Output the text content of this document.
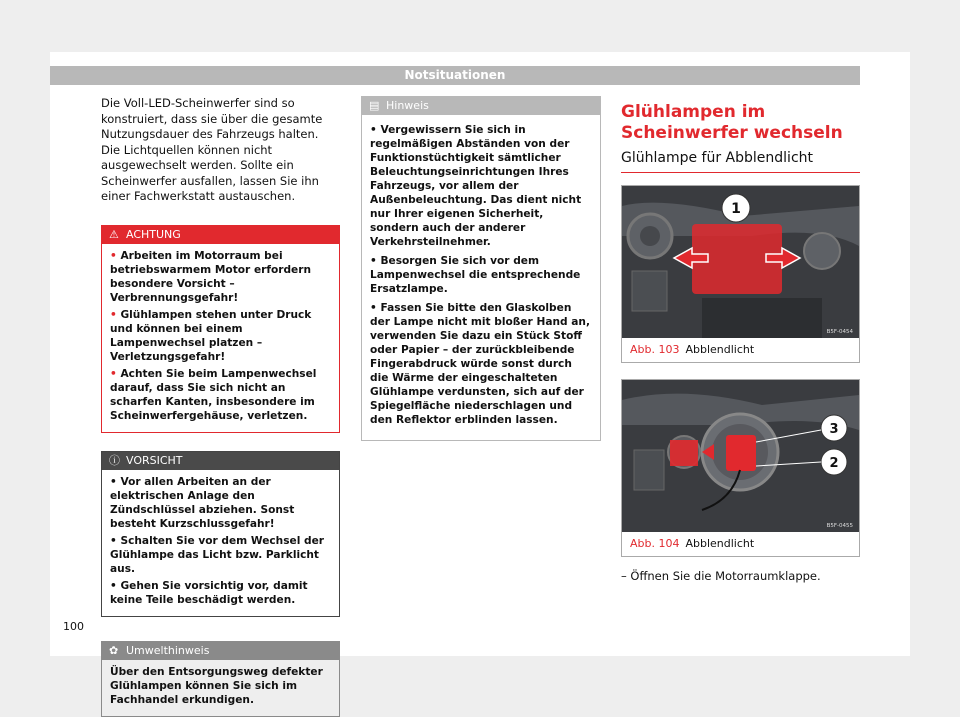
Notsituationen

Die Voll-LED-Scheinwerfer sind so konstruiert, dass sie über die gesamte Nutzungsdauer des Fahrzeugs halten. Die Lichtquellen können nicht ausgewechselt werden. Sollte ein Scheinwerfer ausfallen, lassen Sie ihn einer Fachwerkstatt austauschen.

⚠ ACHTUNG

• Arbeiten im Motorraum bei betriebswarmem Motor erfordern besondere Vorsicht – Verbrennungsgefahr!

• Glühlampen stehen unter Druck und können bei einem Lampenwechsel platzen – Verletzungsgefahr!

• Achten Sie beim Lampenwechsel darauf, dass Sie sich nicht an scharfen Kanten, insbesondere im Scheinwerfergehäuse, verletzen.

ⓘ VORSICHT

• Vor allen Arbeiten an der elektrischen Anlage den Zündschlüssel abziehen. Sonst besteht Kurzschlussgefahr!

• Schalten Sie vor dem Wechsel der Glühlampe das Licht bzw. Parklicht aus.

• Gehen Sie vorsichtig vor, damit keine Teile beschädigt werden.

✿ Umwelthinweis

Über den Entsorgungsweg defekter Glühlampen können Sie sich im Fachhandel erkundigen.

▤ Hinweis

• Vergewissern Sie sich in regelmäßigen Abständen von der Funktionstüchtigkeit sämtlicher Beleuchtungseinrichtungen Ihres Fahrzeugs, vor allem der Außenbeleuchtung. Das dient nicht nur Ihrer eigenen Sicherheit, sondern auch der anderer Verkehrsteilnehmer.

• Besorgen Sie sich vor dem Lampenwechsel die entsprechende Ersatzlampe.

• Fassen Sie bitte den Glaskolben der Lampe nicht mit bloßer Hand an, verwenden Sie dazu ein Stück Stoff oder Papier – der zurückbleibende Fingerabdruck würde sonst durch die Wärme der eingeschalteten Glühlampe verdunsten, sich auf der Spiegelfläche niederschlagen und den Reflektor erblinden lassen.

Glühlampen im Scheinwerfer wechseln
Glühlampe für Abblendlicht
1
B5F-0454
Abb. 103 Abblendlicht
3
2
B5F-0455
Abb. 104 Abblendlicht

– Öffnen Sie die Motorraumklappe.

100
